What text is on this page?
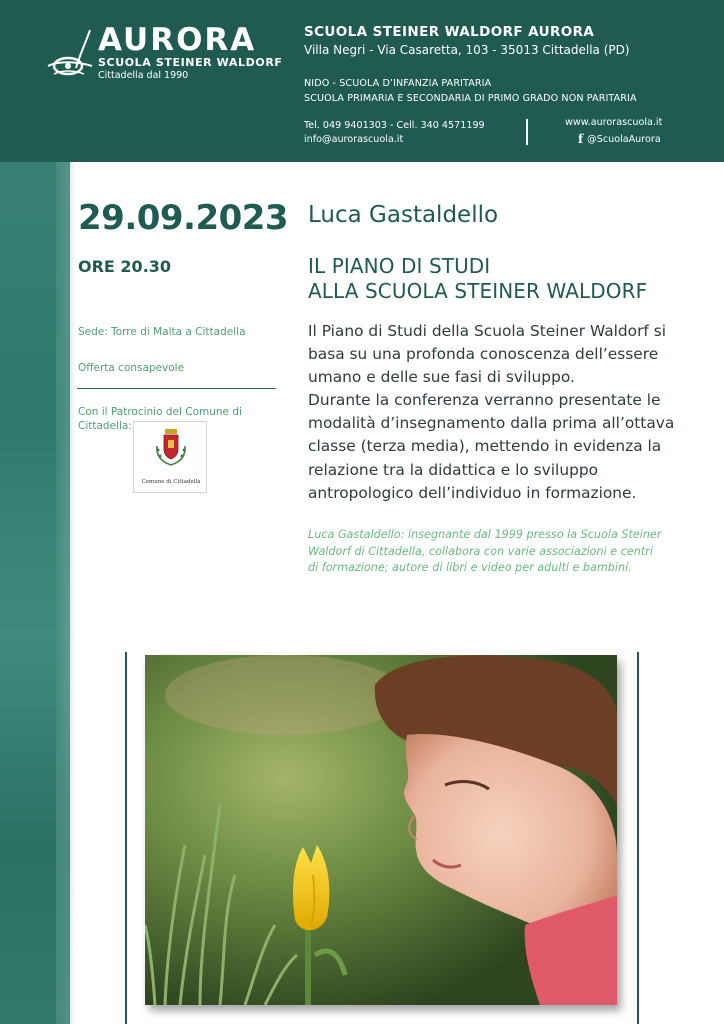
AURORA
SCUOLA STEINER WALDORF
Cittadella dal 1990
SCUOLA STEINER WALDORF AURORA
Villa Negri - Via Casaretta, 103 - 35013 Cittadella (PD)
NIDO - SCUOLA D’INFANZIA PARITARIA
SCUOLA PRIMARIA E SECONDARIA DI PRIMO GRADO NON PARITARIA
Tel. 049 9401303 - Cell. 340 4571199
info@aurorascuola.it
www.aurorascuola.it
f @ScuolaAurora
29.09.2023
ORE 20.30
Sede: Torre di Malta a Cittadella
Offerta consapevole
Con il Patrocinio del Comune di Cittadella:
Comune di Cittadella
Luca Gastaldello
IL PIANO DI STUDI
ALLA SCUOLA STEINER WALDORF
Il Piano di Studi della Scuola Steiner Waldorf si
basa su una profonda conoscenza dell’essere
umano e delle sue fasi di sviluppo.
Durante la conferenza verranno presentate le
modalità d’insegnamento dalla prima all’ottava
classe (terza media), mettendo in evidenza la
relazione tra la didattica e lo sviluppo
antropologico dell’individuo in formazione.
Luca Gastaldello: insegnante dal 1999 presso la Scuola Steiner
Waldorf di Cittadella, collabora con varie associazioni e centri
di formazione; autore di libri e video per adulti e bambini.
